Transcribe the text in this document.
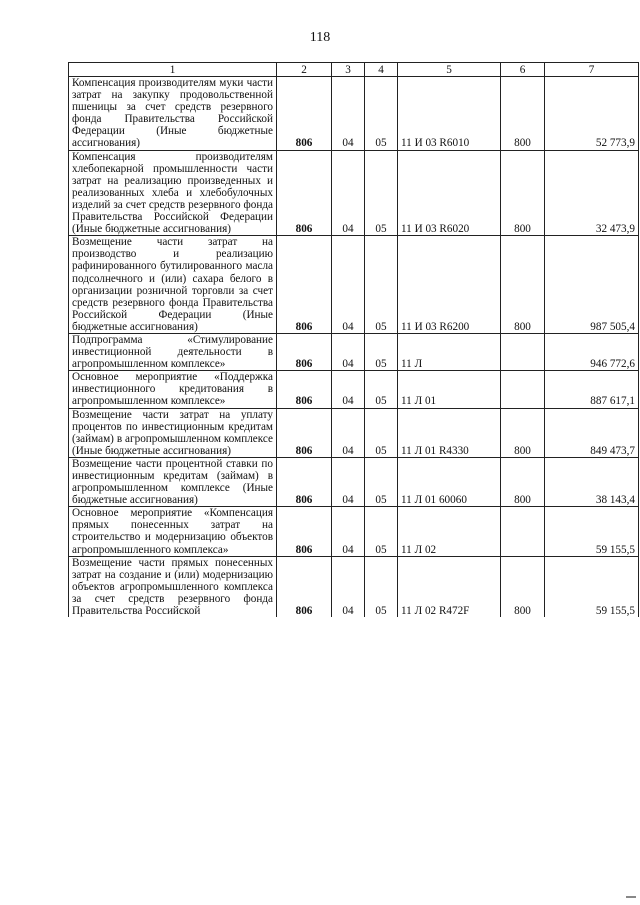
118
1	2	3	4	5	6	7
Компенсация производителям муки части затрат на закупку продовольственной пшеницы за счет средств резервного фонда Правительства Российской Федерации (Иные бюджетные ассигнования)	806	04	05	11 И 03 R6010	800	52 773,9
Компенсация производителям хлебопекарной промышленности части затрат на реализацию произведенных и реализованных хлеба и хлебобулочных изделий за счет средств резервного фонда Правительства Российской Федерации (Иные бюджетные ассигнования)	806	04	05	11 И 03 R6020	800	32 473,9
Возмещение части затрат на производство и реализацию рафинированного бутилированного масла подсолнечного и (или) сахара белого в организации розничной торговли за счет средств резервного фонда Правительства Российской Федерации (Иные бюджетные ассигнования)	806	04	05	11 И 03 R6200	800	987 505,4
Подпрограмма «Стимулирование инвестиционной деятельности в агропромышленном комплексе»	806	04	05	11 Л		946 772,6
Основное мероприятие «Поддержка инвестиционного кредитования в агропромышленном комплексе»	806	04	05	11 Л 01		887 617,1
Возмещение части затрат на уплату процентов по инвестиционным кредитам (займам) в агропромышленном комплексе (Иные бюджетные ассигнования)	806	04	05	11 Л 01 R4330	800	849 473,7
Возмещение части процентной ставки по инвестиционным кредитам (займам) в агропромышленном комплексе (Иные бюджетные ассигнования)	806	04	05	11 Л 01 60060	800	38 143,4
Основное мероприятие «Компенсация прямых понесенных затрат на строительство и модернизацию объектов агропромышленного комплекса»	806	04	05	11 Л 02		59 155,5
Возмещение части прямых понесенных затрат на создание и (или) модернизацию объектов агропромышленного комплекса за счет средств резервного фонда Правительства Российской	806	04	05	11 Л 02 R472F	800	59 155,5
